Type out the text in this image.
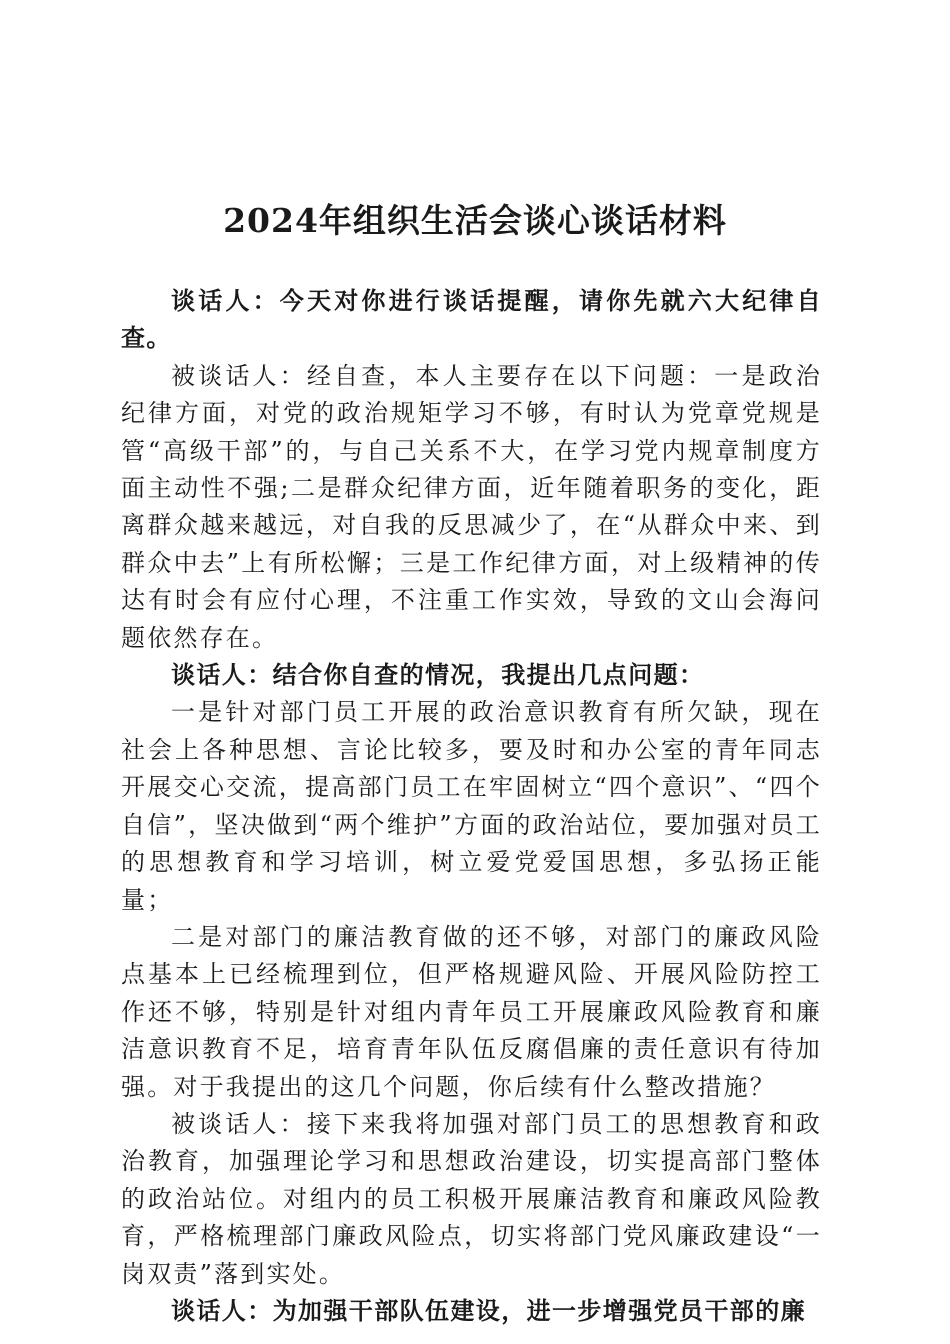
2024年组织生活会谈心谈话材料

谈话人：今天对你进行谈话提醒，请你先就六大纪律自查。

被谈话人：经自查，本人主要存在以下问题：一是政治纪律方面，对党的政治规矩学习不够，有时认为党章党规是管“高级干部”的，与自己关系不大，在学习党内规章制度方面主动性不强;二是群众纪律方面，近年随着职务的变化，距离群众越来越远，对自我的反思减少了，在“从群众中来、到群众中去”上有所松懈；三是工作纪律方面，对上级精神的传达有时会有应付心理，不注重工作实效，导致的文山会海问题依然存在。

谈话人：结合你自查的情况，我提出几点问题：

一是针对部门员工开展的政治意识教育有所欠缺，现在社会上各种思想、言论比较多，要及时和办公室的青年同志开展交心交流，提高部门员工在牢固树立“四个意识”、“四个自信”，坚决做到“两个维护”方面的政治站位，要加强对员工的思想教育和学习培训，树立爱党爱国思想，多弘扬正能量；

二是对部门的廉洁教育做的还不够，对部门的廉政风险点基本上已经梳理到位，但严格规避风险、开展风险防控工作还不够，特别是针对组内青年员工开展廉政风险教育和廉洁意识教育不足，培育青年队伍反腐倡廉的责任意识有待加强。对于我提出的这几个问题，你后续有什么整改措施？

被谈话人：接下来我将加强对部门员工的思想教育和政治教育，加强理论学习和思想政治建设，切实提高部门整体的政治站位。对组内的员工积极开展廉洁教育和廉政风险教育，严格梳理部门廉政风险点，切实将部门党风廉政建设“一岗双责”落到实处。

谈话人：为加强干部队伍建设，进一步增强党员干部的廉
